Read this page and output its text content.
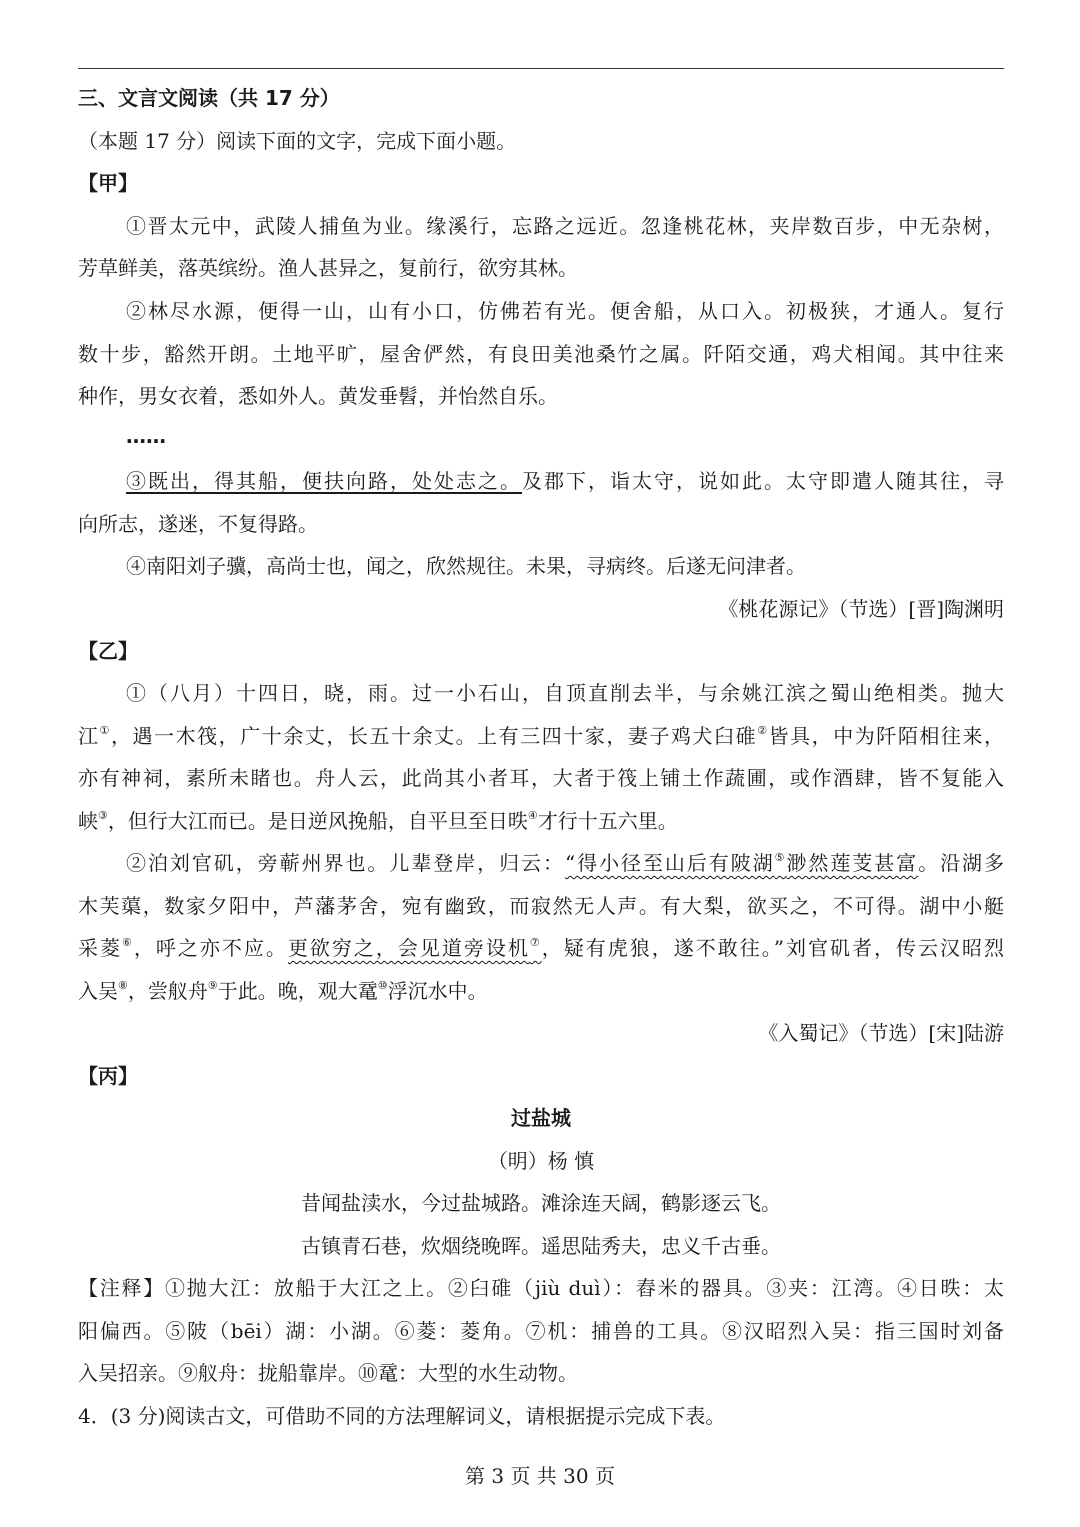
三、文言文阅读（共 17 分）
（本题 17 分）阅读下面的文字，完成下面小题。
【甲】
①晋太元中，武陵人捕鱼为业。缘溪行，忘路之远近。忽逢桃花林，夹岸数百步，中无杂树，
芳草鲜美，落英缤纷。渔人甚异之，复前行，欲穷其林。
②林尽水源，便得一山，山有小口，仿佛若有光。便舍船，从口入。初极狭，才通人。复行
数十步，豁然开朗。土地平旷，屋舍俨然，有良田美池桑竹之属。阡陌交通，鸡犬相闻。其中往来
种作，男女衣着，悉如外人。黄发垂髫，并怡然自乐。
……
③既出，得其船，便扶向路，处处志之。及郡下，诣太守，说如此。太守即遣人随其往，寻
向所志，遂迷，不复得路。
④南阳刘子骥，高尚士也，闻之，欣然规往。未果，寻病终。后遂无问津者。
《桃花源记》（节选）[晋]陶渊明
【乙】
①（八月）十四日，晓，雨。过一小石山，自顶直削去半，与余姚江滨之蜀山绝相类。抛大
江①，遇一木筏，广十余丈，长五十余丈。上有三四十家，妻子鸡犬臼碓②皆具，中为阡陌相往来，
亦有神祠，素所未睹也。舟人云，此尚其小者耳，大者于筏上铺土作蔬圃，或作酒肆，皆不复能入
峡③，但行大江而已。是日逆风挽船，自平旦至日昳④才行十五六里。
②泊刘官矶，旁蕲州界也。儿辈登岸，归云：“得小径至山后有陂湖⑤渺然莲芰甚富。沿湖多
木芙蕖，数家夕阳中，芦藩茅舍，宛有幽致，而寂然无人声。有大梨，欲买之，不可得。湖中小艇
采菱⑥，呼之亦不应。更欲穷之，会见道旁设机⑦，疑有虎狼，遂不敢往。”刘官矶者，传云汉昭烈
入吴⑧，尝舣舟⑨于此。晚，观大鼋⑩浮沉水中。
《入蜀记》（节选）[宋]陆游
【丙】
过盐城
（明）杨 慎
昔闻盐渎水，今过盐城路。滩涂连天阔，鹤影逐云飞。
古镇青石巷，炊烟绕晚晖。遥思陆秀夫，忠义千古垂。
【注释】①抛大江：放船于大江之上。②臼碓（jiù duì）：舂米的器具。③夹：江湾。④日昳：太
阳偏西。⑤陂（bēi）湖：小湖。⑥菱：菱角。⑦机：捕兽的工具。⑧汉昭烈入吴：指三国时刘备
入吴招亲。⑨舣舟：拢船靠岸。⑩鼋：大型的水生动物。
4．(3 分)阅读古文，可借助不同的方法理解词义，请根据提示完成下表。
第 3 页 共 30 页
